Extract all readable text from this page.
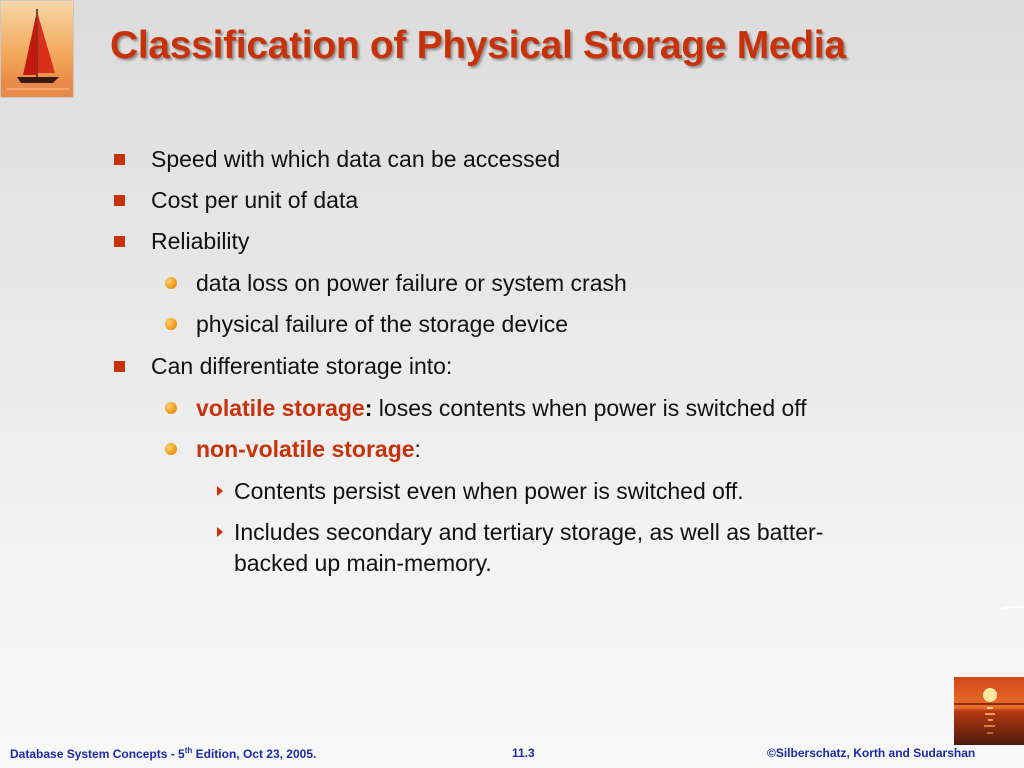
Classification of Physical Storage Media
Speed with which data can be accessed
Cost per unit of data
Reliability
data loss on power failure or system crash
physical failure of the storage device
Can differentiate storage into:
volatile storage: loses contents when power is switched off
non-volatile storage:
Contents persist even when power is switched off.
Includes secondary and tertiary storage, as well as batter-
backed up main-memory.
Database System Concepts - 5th Edition, Oct 23, 2005.	11.3	©Silberschatz, Korth and Sudarshan
